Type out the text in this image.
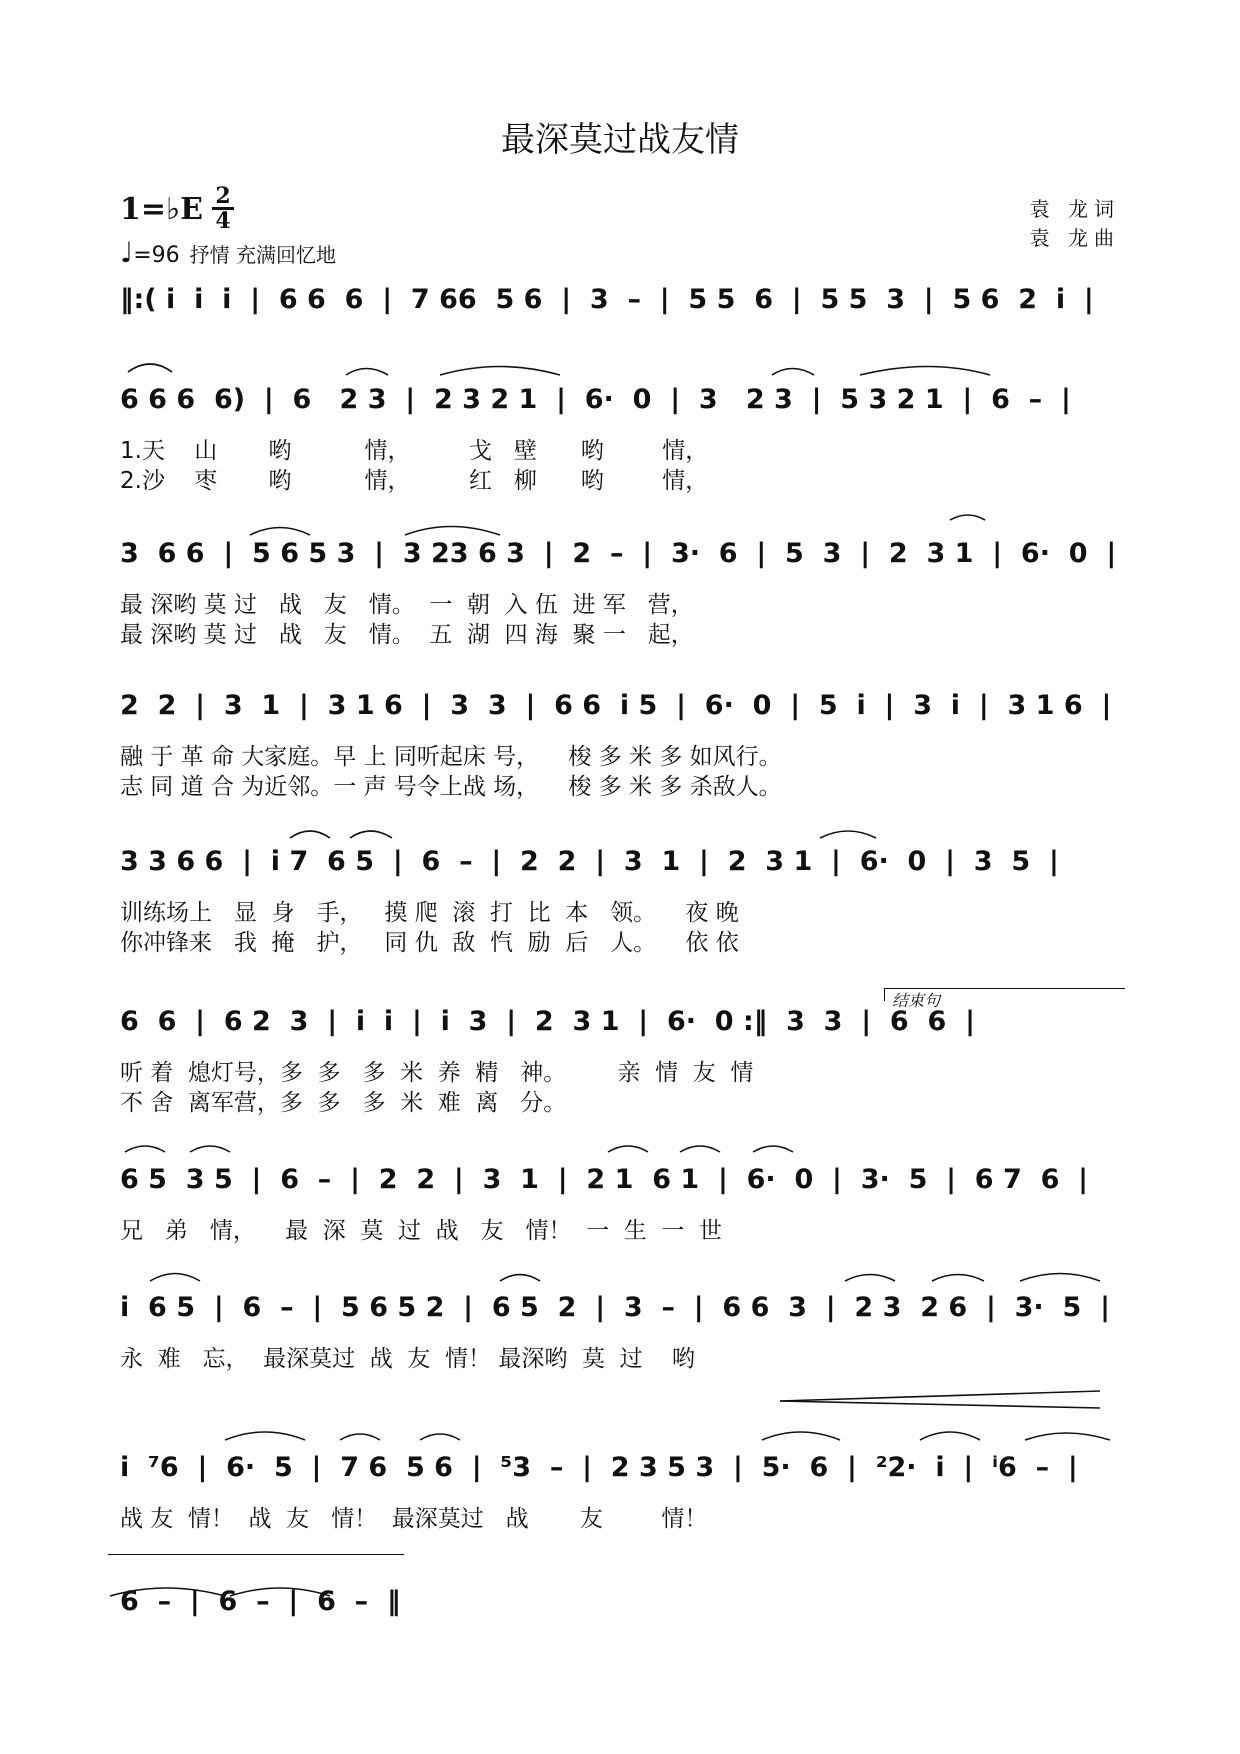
最深莫过战友情
1=♭E 2
4
♩=96 抒情 充满回忆地
袁 龙词
袁 龙曲
‖:( i  i  i  |  6 6  6  |  7 66  5 6  |  3  –  |  5 5  6  |  5 5  3  |  5 6  2  i  |
6 6 6  6)  |  6   2 3  |  2 3 2 1  |  6·  0  |  3   2 3  |  5 3 2 1  |  6  –  |
1.天    山       哟          情，        戈   壁      哟        情，
2.沙    枣       哟          情，        红   柳      哟        情，
3  6 6  |  5 6 5 3  |  3 23 6 3  |  2  –  |  3·  6  |  5  3  |  2  3 1  |  6·  0  |
最 深哟 莫 过   战   友   情。  一  朝  入 伍  进 军   营，
最 深哟 莫 过   战   友   情。  五  湖  四 海  聚 一   起，
2  2  |  3  1  |  3 1 6  |  3  3  |  6 6  i 5  |  6·  0  |  5  i  |  3  i  |  3 1 6  |
融 于 革 命 大家庭。早 上 同听起床 号，    梭 多 米 多 如风行。
志 同 道 合 为近邻。一 声 号令上战 场，    梭 多 米 多 杀敌人。
3 3 6 6  |  i 7  6 5  |  6  –  |  2  2  |  3  1  |  2  3 1  |  6·  0  |  3  5  |
训练场上   显  身   手，   摸 爬  滚  打  比  本   领。    夜 晚
你冲锋来   我  掩   护，   同 仇  敌  忾  励  后   人。    依 依
6  6  |  6 2  3  |  i  i  |  i  3  |  2  3 1  |  6·  0 :‖  3  3  |  6  6  |
听 着  熄灯号，多  多   多  米  养  精   神。       亲  情  友  情
不 舍  离军营，多  多   多  米  难  离   分。
6 5  3 5  |  6  –  |  2  2  |  3  1  |  2 1  6 1  |  6·  0  |  3·  5  |  6 7  6  |
兄   弟   情，    最  深  莫  过  战   友   情！  一  生  一  世
i  6 5  |  6  –  |  5 6 5 2  |  6 5  2  |  3  –  |  6 6  3  |  2 3  2 6  |  3·  5  |
永  难   忘，  最深莫过  战  友  情！ 最深哟  莫  过    哟
i  ⁷6  |  6·  5  |  7 6  5 6  |  ⁵3  –  |  2 3 5 3  |  5·  6  |  ²2·  i  |  ⁱ6  –  |
战 友  情！  战  友   情！  最深莫过   战       友        情！
6  –  |  6  –  |  6  –  ‖
结束句
